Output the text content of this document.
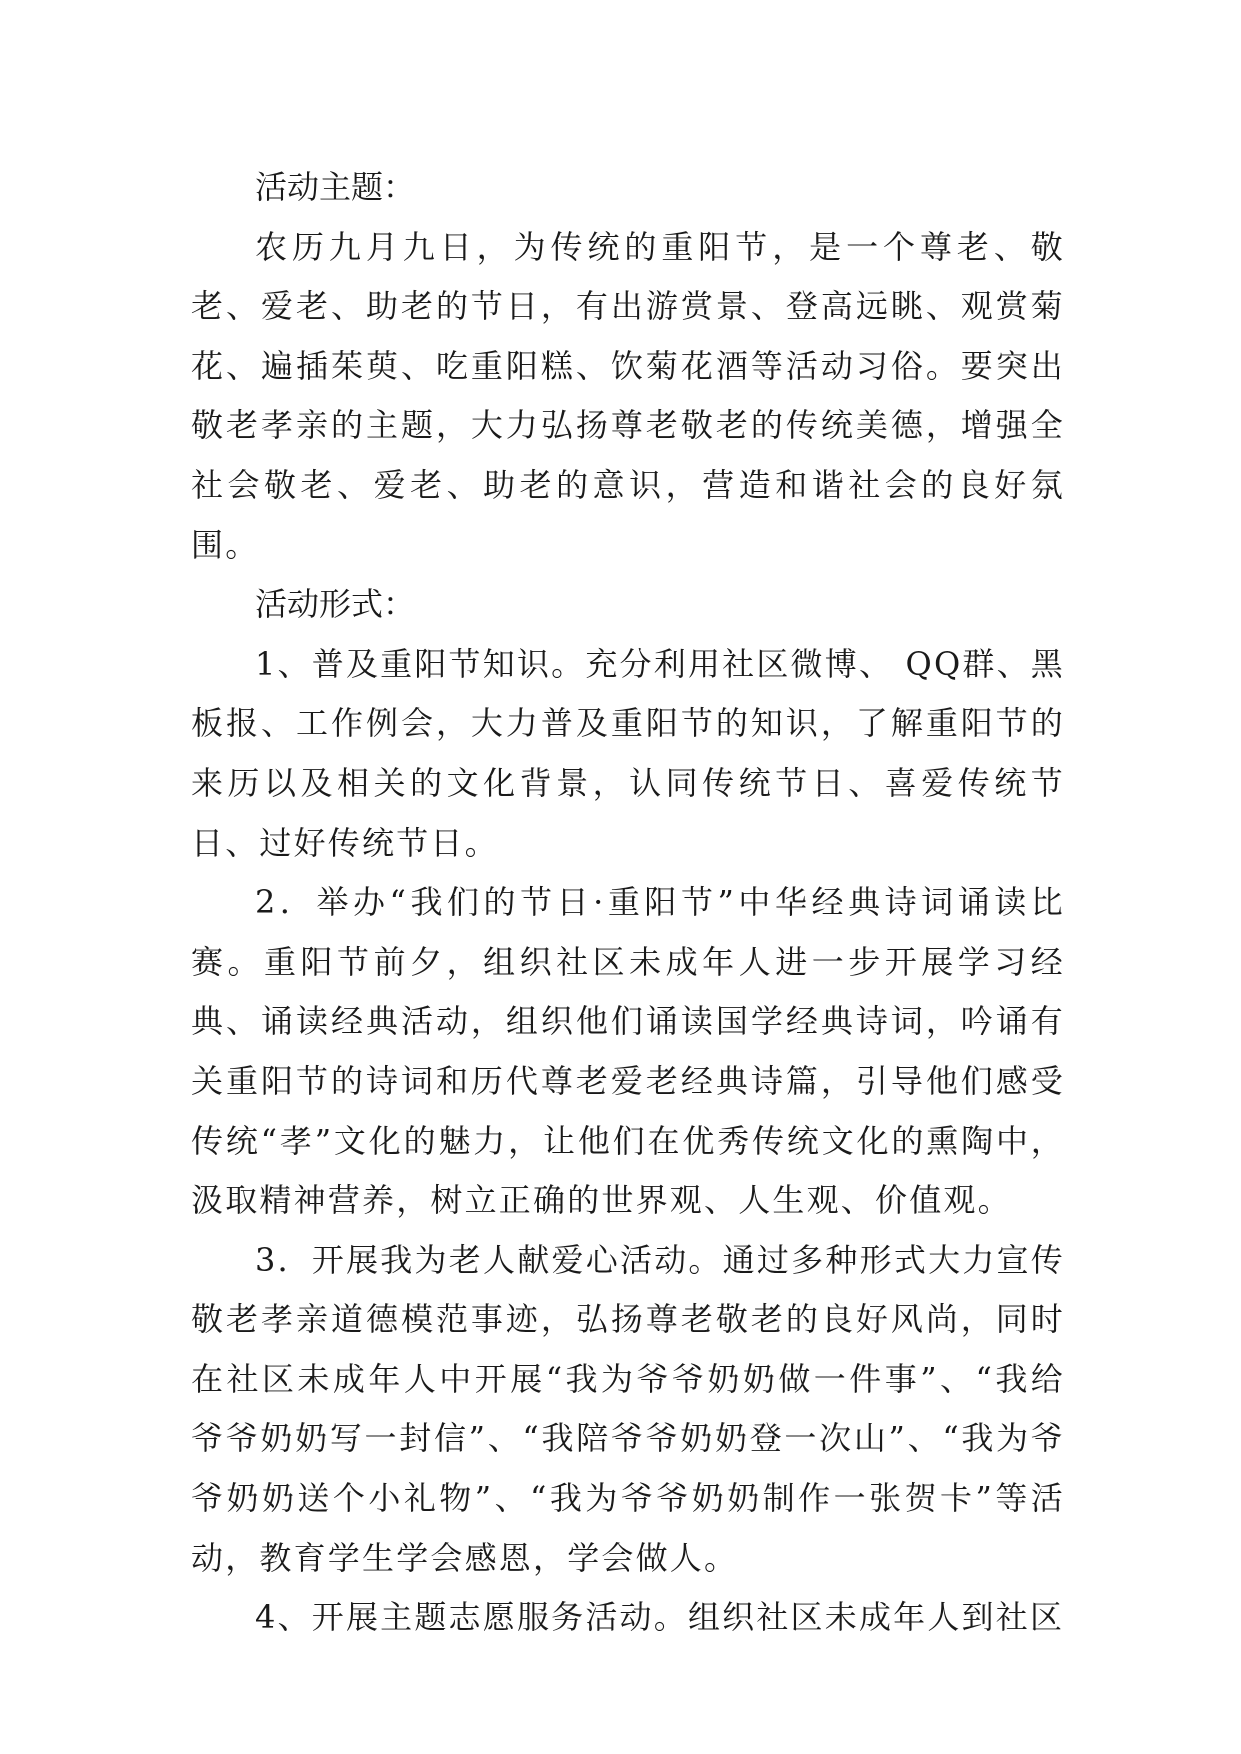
活动主题：

农历九月九日，为传统的重阳节，是一个尊老、敬老、爱老、助老的节日，有出游赏景、登高远眺、观赏菊花、遍插茱萸、吃重阳糕、饮菊花酒等活动习俗。要突出敬老孝亲的主题，大力弘扬尊老敬老的传统美德，增强全社会敬老、爱老、助老的意识，营造和谐社会的良好氛围。

活动形式：

1、普及重阳节知识。充分利用社区微博、 QQ群、黑板报、工作例会，大力普及重阳节的知识，了解重阳节的来历以及相关的文化背景，认同传统节日、喜爱传统节日、过好传统节日。

2．举办“我们的节日·重阳节”中华经典诗词诵读比赛。重阳节前夕，组织社区未成年人进一步开展学习经典、诵读经典活动，组织他们诵读国学经典诗词，吟诵有关重阳节的诗词和历代尊老爱老经典诗篇，引导他们感受传统“孝”文化的魅力，让他们在优秀传统文化的熏陶中，汲取精神营养，树立正确的世界观、人生观、价值观。

3．开展我为老人献爱心活动。通过多种形式大力宣传敬老孝亲道德模范事迹，弘扬尊老敬老的良好风尚，同时在社区未成年人中开展“我为爷爷奶奶做一件事”、“我给爷爷奶奶写一封信”、“我陪爷爷奶奶登一次山”、“我为爷爷奶奶送个小礼物”、“我为爷爷奶奶制作一张贺卡”等活动，教育学生学会感恩，学会做人。

4、开展主题志愿服务活动。组织社区未成年人到社区
